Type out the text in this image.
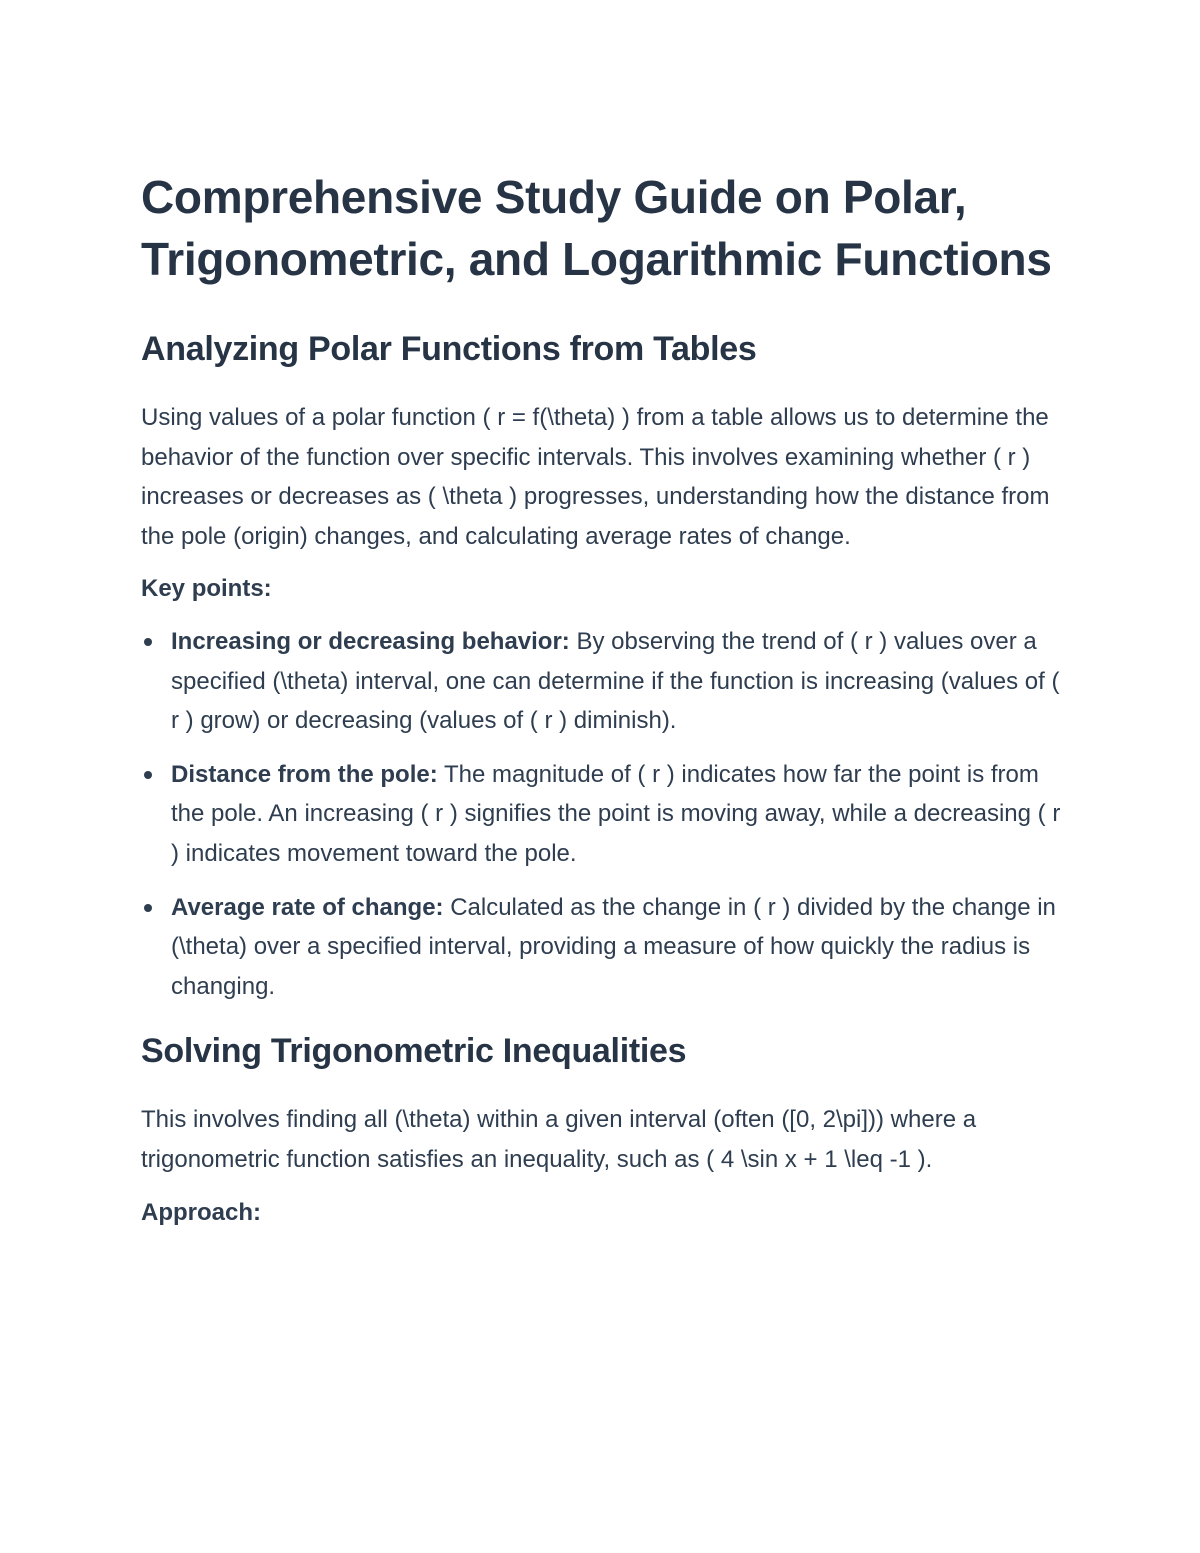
Comprehensive Study Guide on Polar, Trigonometric, and Logarithmic Functions
Analyzing Polar Functions from Tables

Using values of a polar function ( r = f(\theta) ) from a table allows us to determine the behavior of the function over specific intervals. This involves examining whether ( r ) increases or decreases as ( \theta ) progresses, understanding how the distance from the pole (origin) changes, and calculating average rates of change.

Key points:

Increasing or decreasing behavior: By observing the trend of ( r ) values over a specified (\theta) interval, one can determine if the function is increasing (values of ( r ) grow) or decreasing (values of ( r ) diminish).
Distance from the pole: The magnitude of ( r ) indicates how far the point is from the pole. An increasing ( r ) signifies the point is moving away, while a decreasing ( r ) indicates movement toward the pole.
Average rate of change: Calculated as the change in ( r ) divided by the change in (\theta) over a specified interval, providing a measure of how quickly the radius is changing.
Solving Trigonometric Inequalities

This involves finding all (\theta) within a given interval (often ([0, 2\pi])) where a trigonometric function satisfies an inequality, such as ( 4 \sin x + 1 \leq -1 ).

Approach:
